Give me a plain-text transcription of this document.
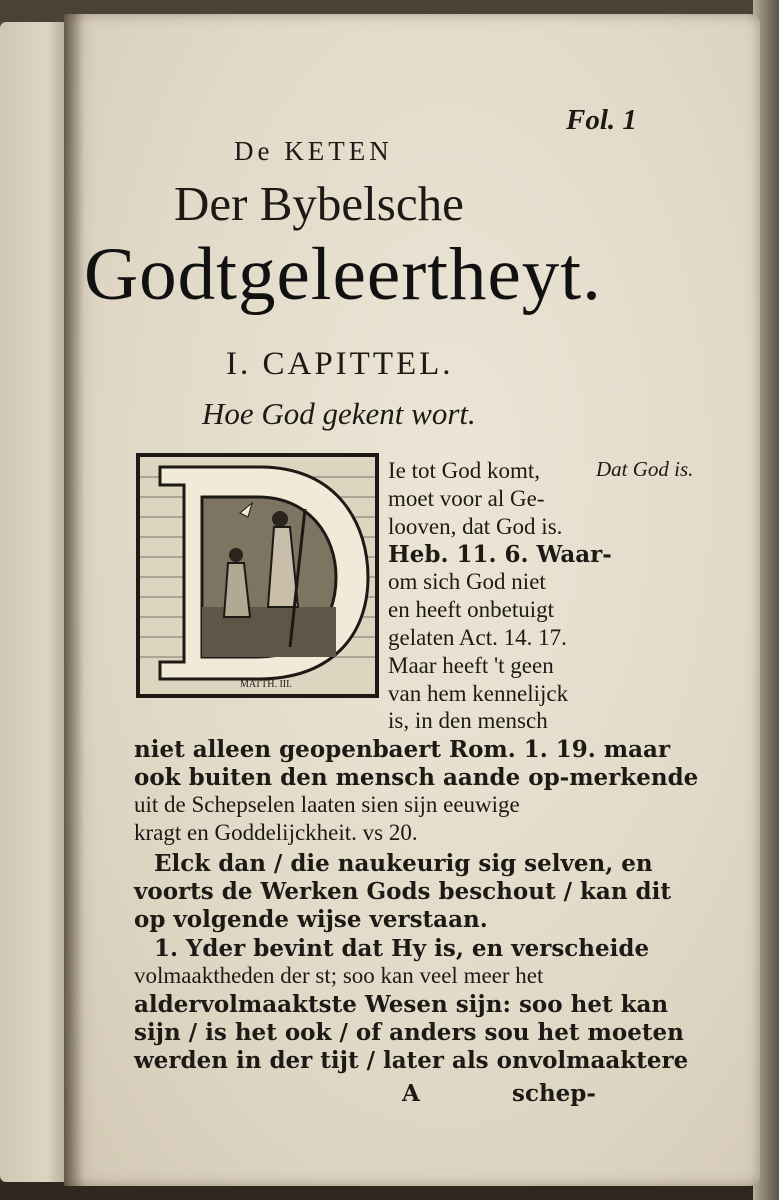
Fol. 1
De KETEN
Der Bybelsche
Godtgeleertheyt.
I. CAPITTEL.
Hoe God gekent wort.
MATTH. III.
Dat God is.
Ie tot God komt,
moet voor al Ge-
looven, dat God is.
Heb. 11. 6. Waar-
om sich God niet
en heeft onbetuigt
gelaten Act. 14. 17.
Maar heeft 't geen
van hem kennelijck
is, in den mensch
niet alleen geopenbaert Rom. 1. 19. maar
ook buiten den mensch aande op-merkende
uit de Schepselen laaten sien sijn eeuwige
kragt en Goddelijckheit. vs 20.
Elck dan / die naukeurig sig selven, en
voorts de Werken Gods beschout / kan dit
op volgende wijse verstaan.
1. Yder bevint dat Hy is, en verscheide
volmaaktheden der st; soo kan veel meer het
aldervolmaaktste Wesen sijn: soo het kan
sijn / is het ook / of anders sou het moeten
werden in der tijt / later als onvolmaaktere
A	schep-
